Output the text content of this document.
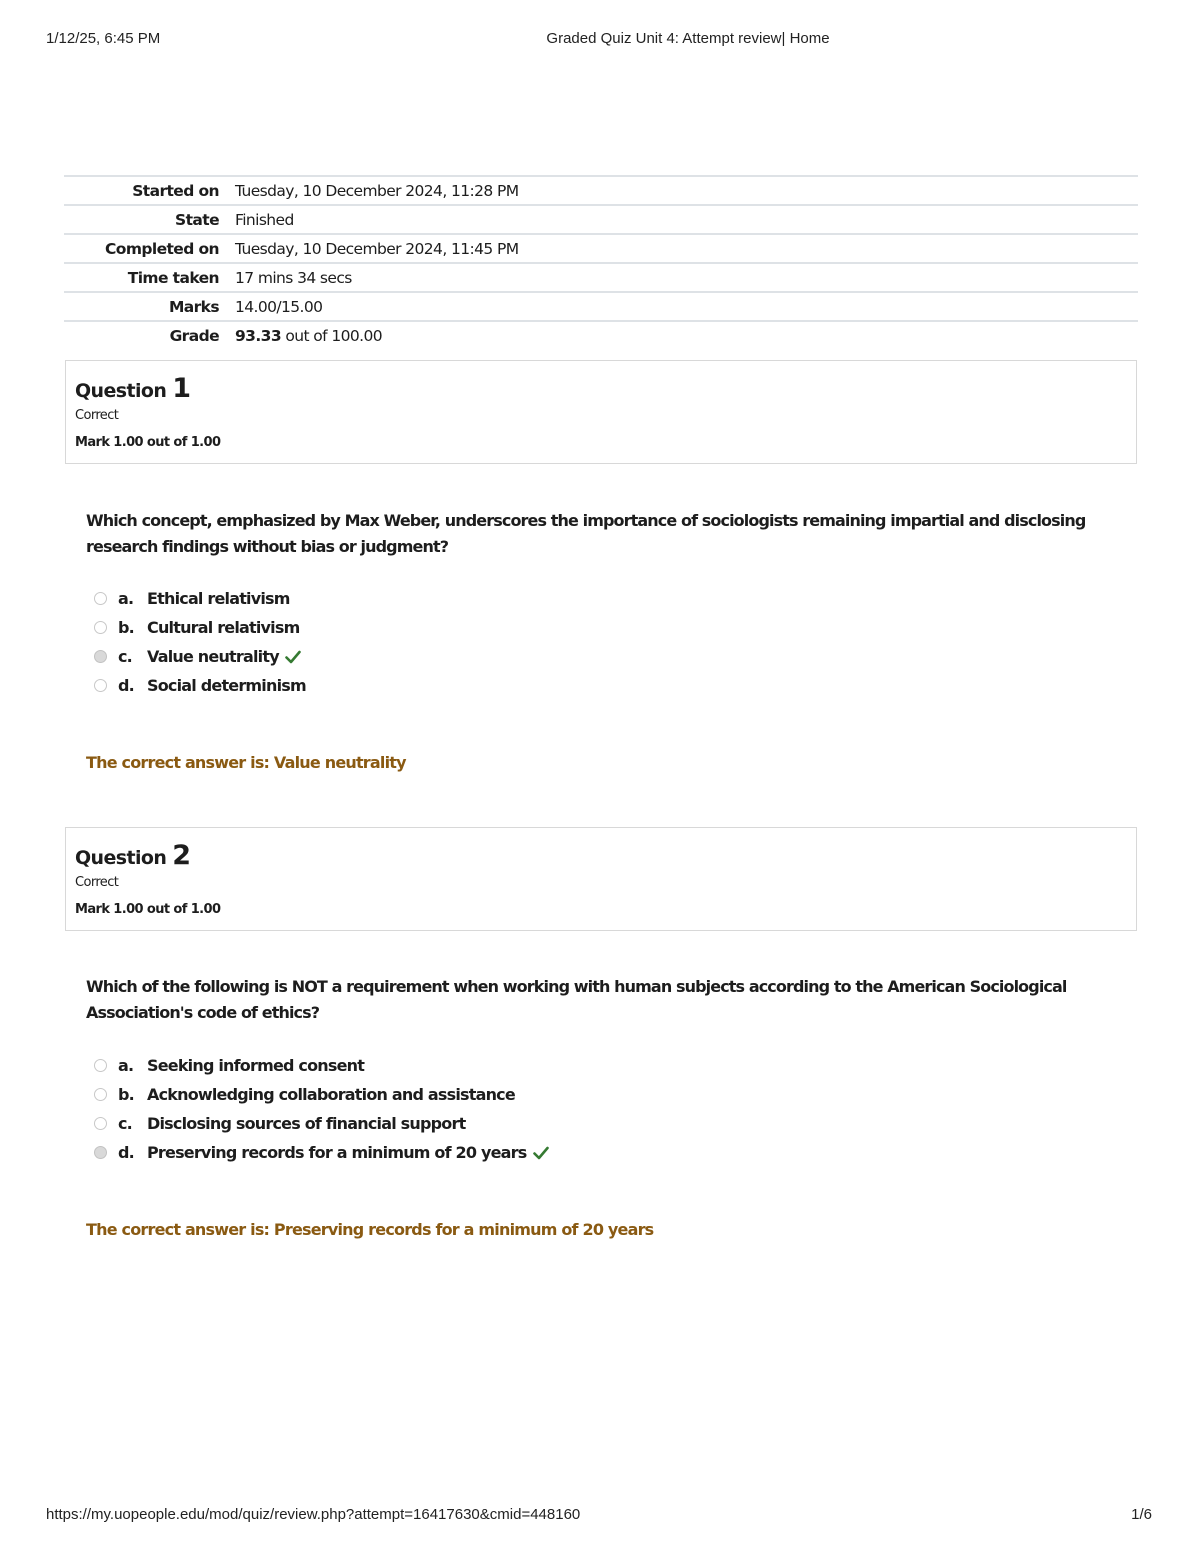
1/12/25, 6:45 PM	Graded Quiz Unit 4: Attempt review| Home
Started on	Tuesday, 10 December 2024, 11:28 PM
State	Finished
Completed on	Tuesday, 10 December 2024, 11:45 PM
Time taken	17 mins 34 secs
Marks	14.00/15.00
Grade	93.33 out of 100.00
Question 1
Correct
Mark 1.00 out of 1.00
Which concept, emphasized by Max Weber, underscores the importance of sociologists remaining impartial and disclosing research findings without bias or judgment?
a. Ethical relativism
b. Cultural relativism
c. Value neutrality
d. Social determinism
The correct answer is: Value neutrality
Question 2
Correct
Mark 1.00 out of 1.00
Which of the following is NOT a requirement when working with human subjects according to the American Sociological Association's code of ethics?
a. Seeking informed consent
b. Acknowledging collaboration and assistance
c. Disclosing sources of financial support
d. Preserving records for a minimum of 20 years
The correct answer is: Preserving records for a minimum of 20 years
https://my.uopeople.edu/mod/quiz/review.php?attempt=16417630&cmid=448160	1/6
